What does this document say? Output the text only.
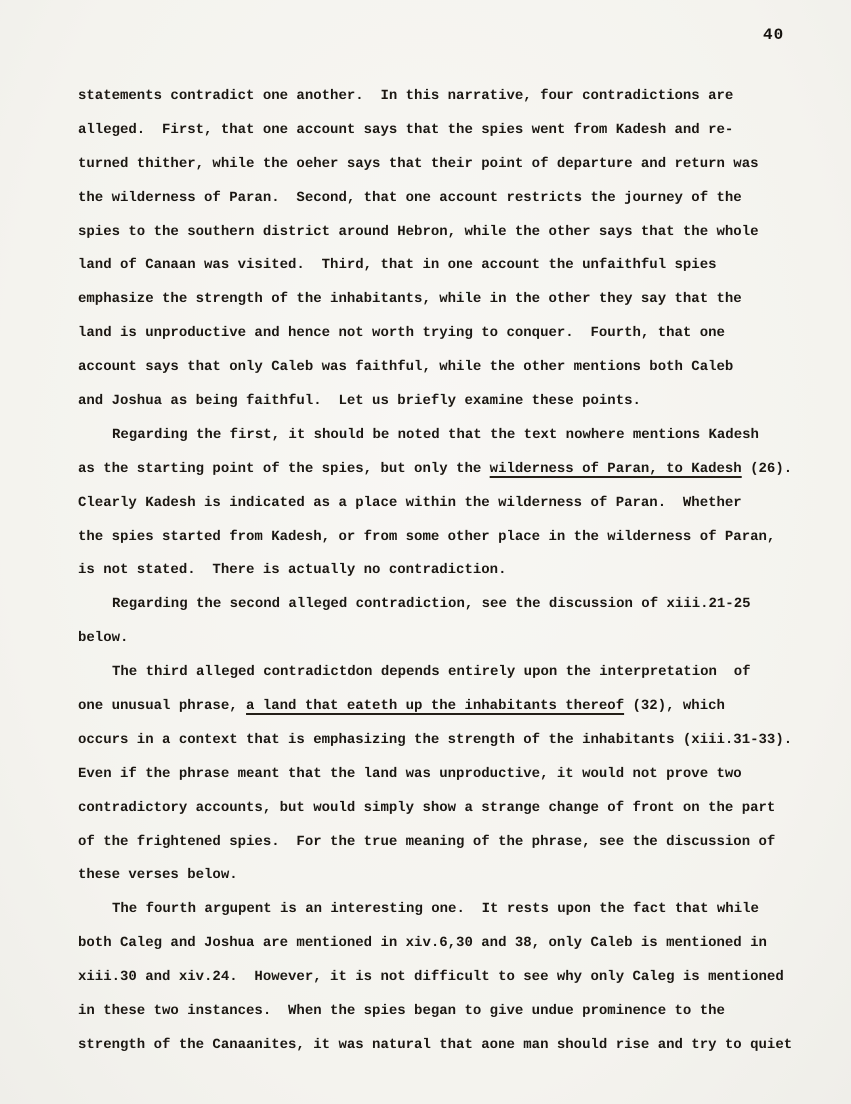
40
statements contradict one another.  In this narrative, four contradictions are
alleged.  First, that one account says that the spies went from Kadesh and re-
turned thither, while the oeher says that their point of departure and return was
the wilderness of Paran.  Second, that one account restricts the journey of the
spies to the southern district around Hebron, while the other says that the whole
land of Canaan was visited.  Third, that in one account the unfaithful spies
emphasize the strength of the inhabitants, while in the other they say that the
land is unproductive and hence not worth trying to conquer.  Fourth, that one
account says that only Caleb was faithful, while the other mentions both Caleb
and Joshua as being faithful.  Let us briefly examine these points.
Regarding the first, it should be noted that the text nowhere mentions Kadesh
as the starting point of the spies, but only the wilderness of Paran, to Kadesh (26).
Clearly Kadesh is indicated as a place within the wilderness of Paran.  Whether
the spies started from Kadesh, or from some other place in the wilderness of Paran,
is not stated.  There is actually no contradiction.
Regarding the second alleged contradiction, see the discussion of xiii.21-25
below.
The third alleged contradictdon depends entirely upon the interpretation  of
one unusual phrase, a land that eateth up the inhabitants thereof (32), which
occurs in a context that is emphasizing the strength of the inhabitants (xiii.31-33).
Even if the phrase meant that the land was unproductive, it would not prove two
contradictory accounts, but would simply show a strange change of front on the part
of the frightened spies.  For the true meaning of the phrase, see the discussion of
these verses below.
The fourth argupent is an interesting one.  It rests upon the fact that while
both Caleg and Joshua are mentioned in xiv.6,30 and 38, only Caleb is mentioned in
xiii.30 and xiv.24.  However, it is not difficult to see why only Caleg is mentioned
in these two instances.  When the spies began to give undue prominence to the
strength of the Canaanites, it was natural that aone man should rise and try to quiet
